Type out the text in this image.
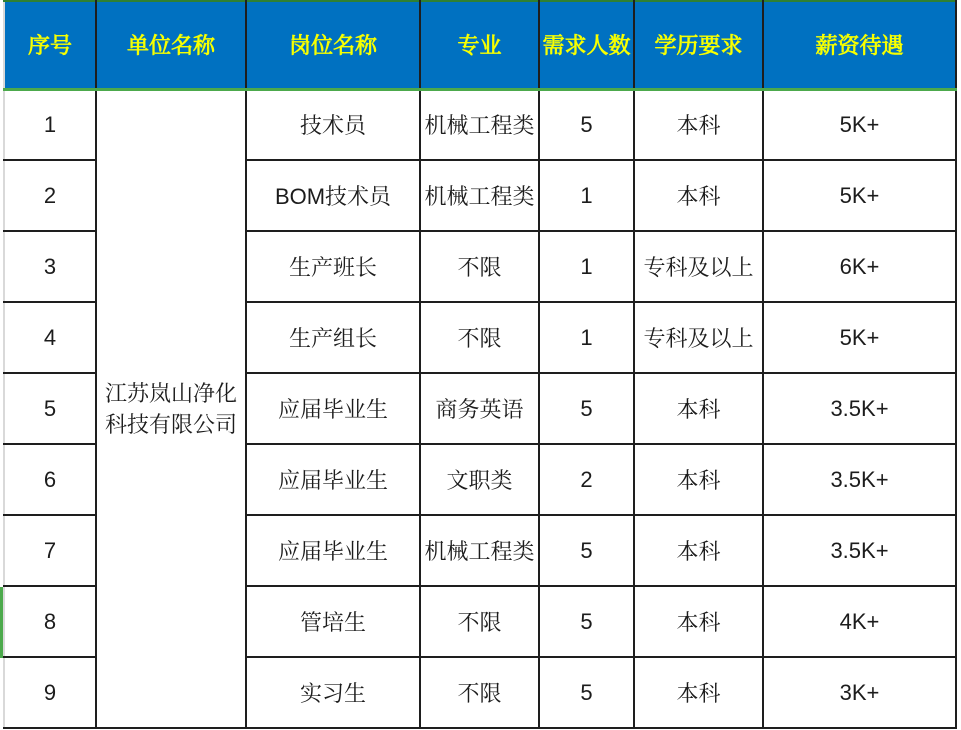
序号	单位名称	岗位名称	专业	需求人数	学历要求	薪资待遇
1	江苏岚山净化科技有限公司	技术员	机械工程类	5	本科	5K+
2		BOM技术员	机械工程类	1	本科	5K+
3		生产班长	不限	1	专科及以上	6K+
4		生产组长	不限	1	专科及以上	5K+
5		应届毕业生	商务英语	5	本科	3.5K+
6		应届毕业生	文职类	2	本科	3.5K+
7		应届毕业生	机械工程类	5	本科	3.5K+
8		管培生	不限	5	本科	4K+
9		实习生	不限	5	本科	3K+
